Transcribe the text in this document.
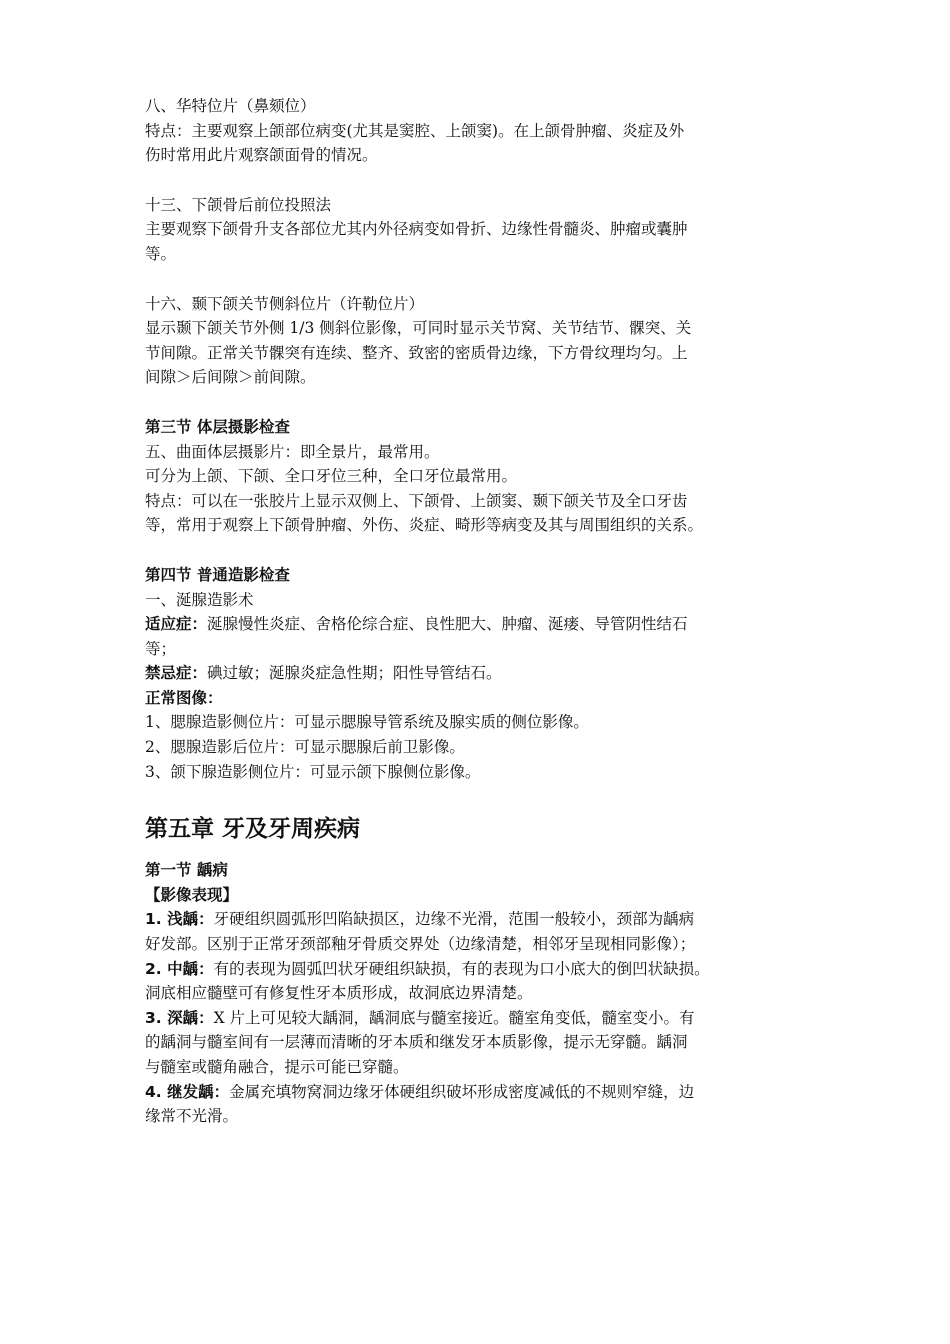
八、华特位片（鼻颏位）
特点：主要观察上颌部位病变(尤其是窦腔、上颌窦)。在上颌骨肿瘤、炎症及外
伤时常用此片观察颌面骨的情况。
十三、下颌骨后前位投照法
主要观察下颌骨升支各部位尤其内外径病变如骨折、边缘性骨髓炎、肿瘤或囊肿
等。
十六、颞下颌关节侧斜位片（许勒位片）
显示颞下颌关节外侧 1/3 侧斜位影像，可同时显示关节窝、关节结节、髁突、关
节间隙。正常关节髁突有连续、整齐、致密的密质骨边缘，下方骨纹理均匀。上
间隙＞后间隙＞前间隙。
第三节 体层摄影检查
五、曲面体层摄影片：即全景片，最常用。
可分为上颌、下颌、全口牙位三种，全口牙位最常用。
特点：可以在一张胶片上显示双侧上、下颌骨、上颌窦、颞下颌关节及全口牙齿
等，常用于观察上下颌骨肿瘤、外伤、炎症、畸形等病变及其与周围组织的关系。
第四节 普通造影检查
一、涎腺造影术
适应症：涎腺慢性炎症、舍格伦综合症、良性肥大、肿瘤、涎瘘、导管阴性结石
等；
禁忌症：碘过敏；涎腺炎症急性期；阳性导管结石。
正常图像：
1、腮腺造影侧位片：可显示腮腺导管系统及腺实质的侧位影像。
2、腮腺造影后位片：可显示腮腺后前卫影像。
3、颌下腺造影侧位片：可显示颌下腺侧位影像。
第五章 牙及牙周疾病
第一节 龋病
【影像表现】
1. 浅龋：牙硬组织圆弧形凹陷缺损区，边缘不光滑，范围一般较小，颈部为龋病
好发部。区别于正常牙颈部釉牙骨质交界处（边缘清楚，相邻牙呈现相同影像）；
2. 中龋：有的表现为圆弧凹状牙硬组织缺损，有的表现为口小底大的倒凹状缺损。
洞底相应髓壁可有修复性牙本质形成，故洞底边界清楚。
3. 深龋：X 片上可见较大龋洞，龋洞底与髓室接近。髓室角变低，髓室变小。有
的龋洞与髓室间有一层薄而清晰的牙本质和继发牙本质影像，提示无穿髓。龋洞
与髓室或髓角融合，提示可能已穿髓。
4. 继发龋：金属充填物窝洞边缘牙体硬组织破坏形成密度减低的不规则窄缝，边
缘常不光滑。
